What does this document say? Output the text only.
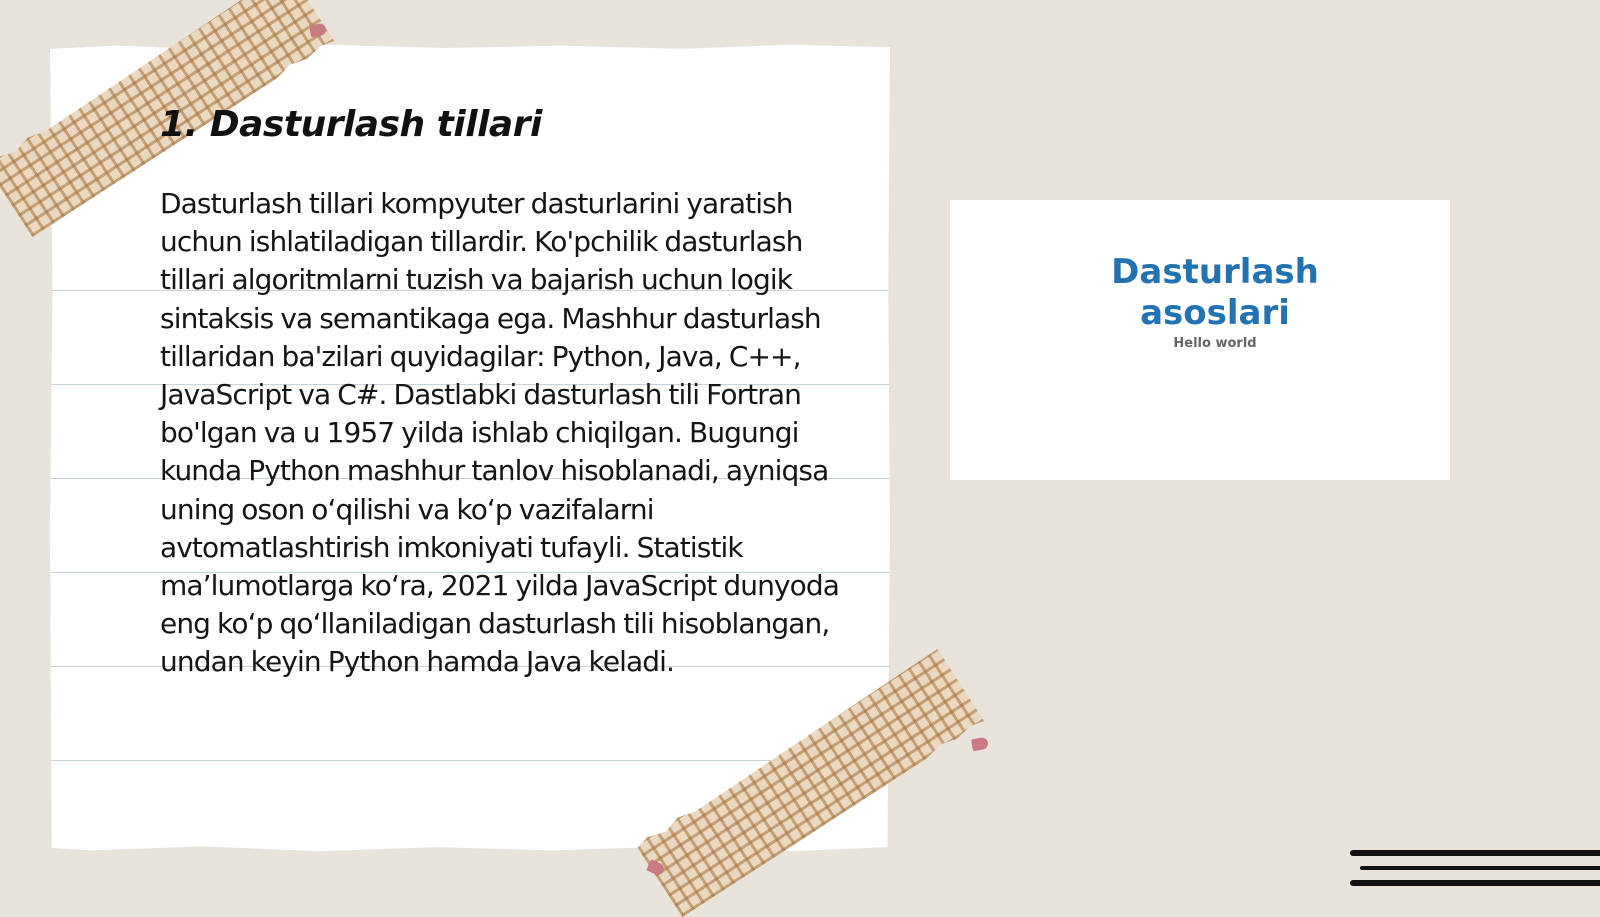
1. Dasturlash tillari

Dasturlash tillari kompyuter dasturlarini yaratish uchun ishlatiladigan tillardir. Ko'pchilik dasturlash tillari algoritmlarni tuzish va bajarish uchun logik sintaksis va semantikaga ega. Mashhur dasturlash tillaridan ba'zilari quyidagilar: Python, Java, C++, JavaScript va C#. Dastlabki dasturlash tili Fortran bo'lgan va u 1957 yilda ishlab chiqilgan. Bugungi kunda Python mashhur tanlov hisoblanadi, ayniqsa uning oson o‘qilishi va ko‘p vazifalarni avtomatlashtirish imkoniyati tufayli. Statistik ma’lumotlarga ko‘ra, 2021 yilda JavaScript dunyoda eng ko‘p qo‘llaniladigan dasturlash tili hisoblangan, undan keyin Python hamda Java keladi.

Dasturlash
asoslari

Hello world
